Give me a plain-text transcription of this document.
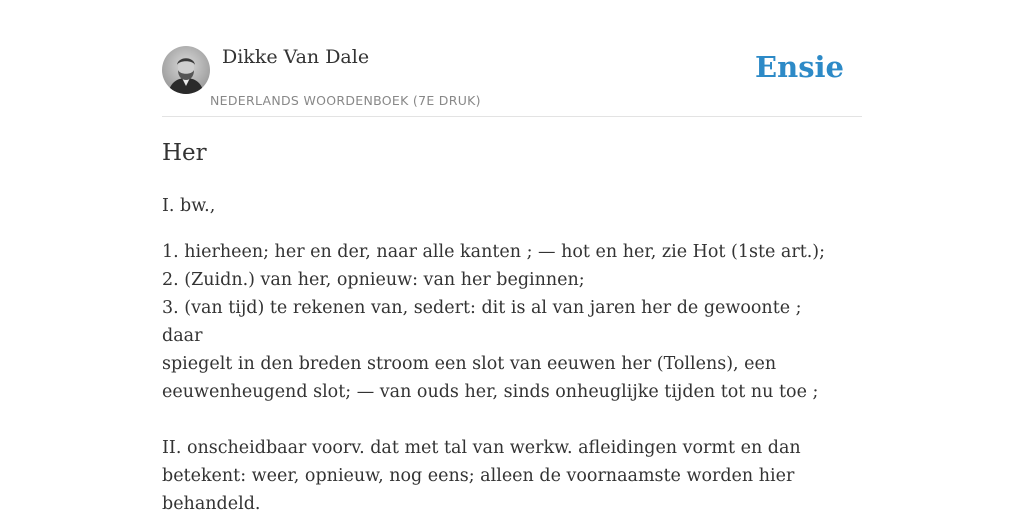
Dikke Van Dale
NEDERLANDS WOORDENBOEK (7E DRUK)
Ensie
Her

I. bw.,

1. hierheen; her en der, naar alle kanten ; — hot en her, zie Hot (1ste art.);

2. (Zuidn.) van her, opnieuw: van her beginnen;

3. (van tijd) te rekenen van, sedert: dit is al van jaren her de gewoonte ; daar

spiegelt in den breden stroom een slot van eeuwen her (Tollens), een

eeuwenheugend slot; — van ouds her, sinds onheuglijke tijden tot nu toe ;

II. onscheidbaar voorv. dat met tal van werkw. afleidingen vormt en dan

betekent: weer, opnieuw, nog eens; alleen de voornaamste worden hier

behandeld.
